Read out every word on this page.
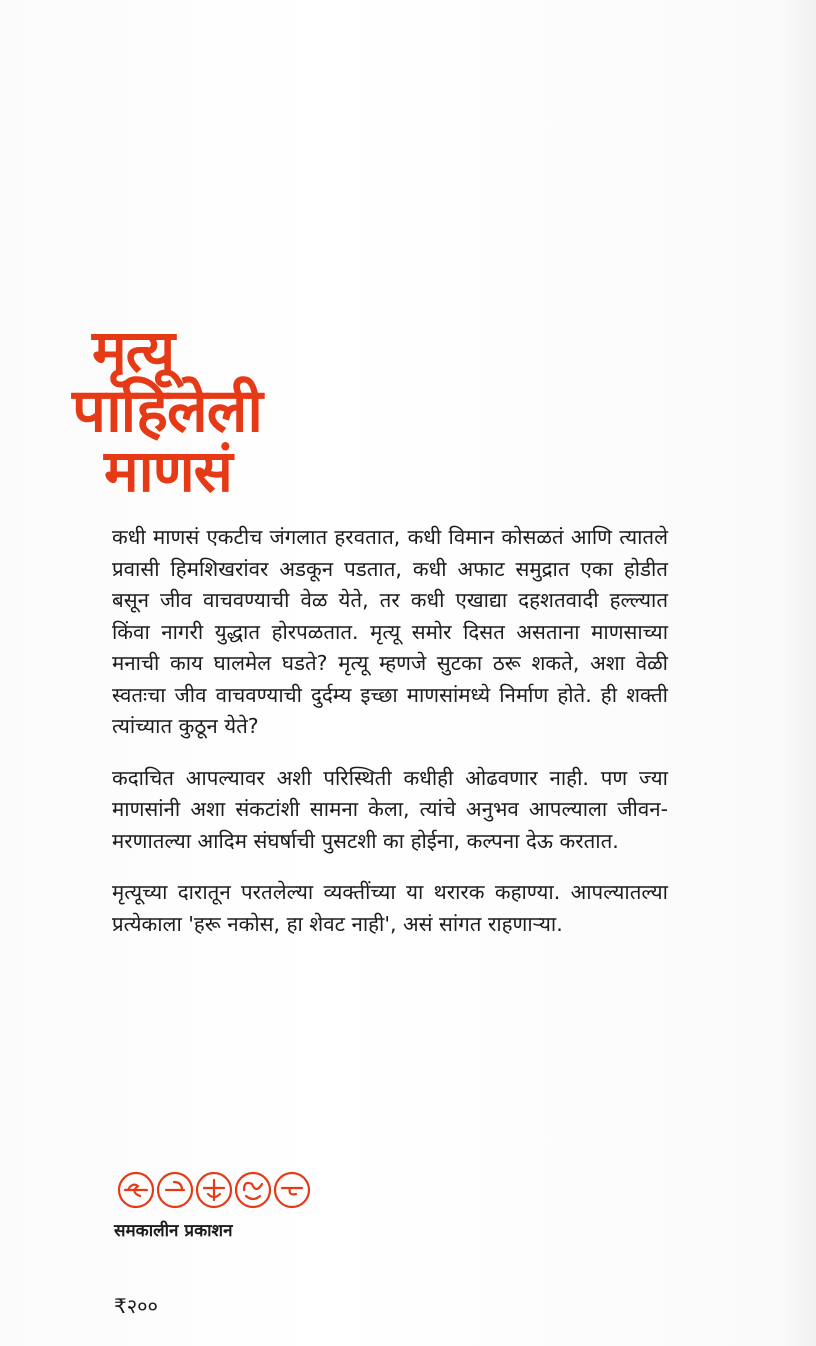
मृत्यू
पाहिलेली
माणसं

कधी माणसं एकटीच जंगलात हरवतात, कधी विमान कोसळतं आणि त्यातले प्रवासी हिमशिखरांवर अडकून पडतात, कधी अफाट समुद्रात एका होडीत बसून जीव वाचवण्याची वेळ येते, तर कधी एखाद्या दहशतवादी हल्ल्यात किंवा नागरी युद्धात होरपळतात. मृत्यू समोर दिसत असताना माणसाच्या मनाची काय घालमेल घडते? मृत्यू म्हणजे सुटका ठरू शकते, अशा वेळी स्वतःचा जीव वाचवण्याची दुर्दम्य इच्छा माणसांमध्ये निर्माण होते. ही शक्ती त्यांच्यात कुठून येते?

कदाचित आपल्यावर अशी परिस्थिती कधीही ओढवणार नाही. पण ज्या माणसांनी अशा संकटांशी सामना केला, त्यांचे अनुभव आपल्याला जीवन-मरणातल्या आदिम संघर्षाची पुसटशी का होईना, कल्पना देऊ करतात.

मृत्यूच्या दारातून परतलेल्या व्यक्तींच्या या थरारक कहाण्या. आपल्यातल्या प्रत्येकाला 'हरू नकोस, हा शेवट नाही', असं सांगत राहणाऱ्या.

समकालीन प्रकाशन
₹२००
